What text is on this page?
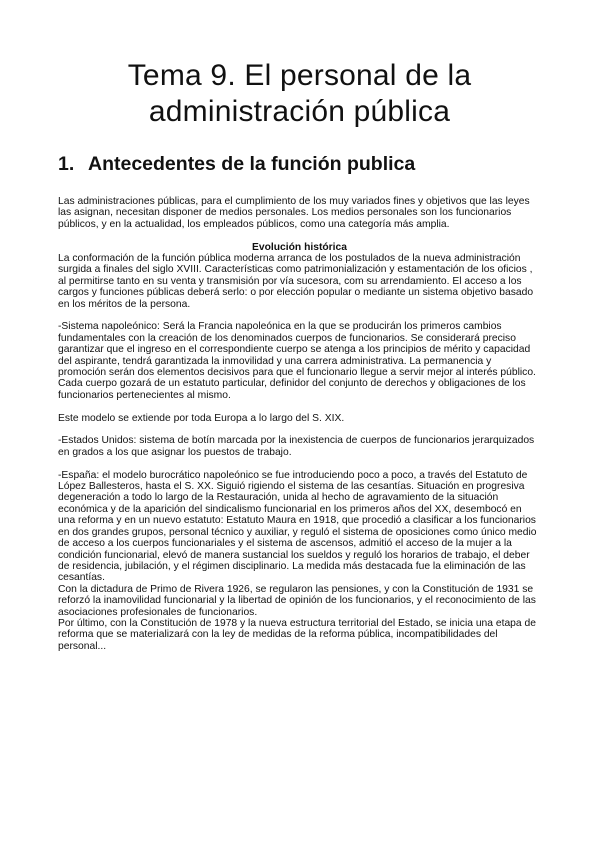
Tema 9. El personal de la
administración pública
1. Antecedentes de la función publica

Las administraciones públicas, para el cumplimiento de los muy variados fines y objetivos que las leyes las asignan, necesitan disponer de medios personales. Los medios personales son los funcionarios públicos, y en la actualidad, los empleados públicos, como una categoría más amplia.

Evolución histórica

La conformación de la función pública moderna arranca de los postulados de la nueva administración surgida a finales del siglo XVIII. Características como patrimonialización y estamentación de los oficios , al permitirse tanto en su venta y transmisión por vía sucesora, com su arrendamiento. El acceso a los cargos y funciones públicas deberá serlo: o por elección popular o mediante un sistema objetivo basado en los méritos de la persona.

-Sistema napoleónico: Será la Francia napoleónica en la que se producirán los primeros cambios fundamentales con la creación de los denominados cuerpos de funcionarios. Se considerará preciso garantizar que el ingreso en el correspondiente cuerpo se atenga a los principios de mérito y capacidad del aspirante, tendrá garantizada la inmovilidad y una carrera administrativa. La permanencia y promoción serán dos elementos decisivos para que el funcionario llegue a servir mejor al interés público. Cada cuerpo gozará de un estatuto particular, definidor del conjunto de derechos y obligaciones de los funcionarios pertenecientes al mismo.

Este modelo se extiende por toda Europa a lo largo del S. XIX.

-Estados Unidos: sistema de botín marcada por la inexistencia de cuerpos de funcionarios jerarquizados en grados a los que asignar los puestos de trabajo.

-España: el modelo burocrático napoleónico se fue introduciendo poco a poco, a través del Estatuto de López Ballesteros, hasta el S. XX. Siguió rigiendo el sistema de las cesantías. Situación en progresiva degeneración a todo lo largo de la Restauración, unida al hecho de agravamiento de la situación económica y de la aparición del sindicalismo funcionarial en los primeros años del XX, desembocó en una reforma y en un nuevo estatuto: Estatuto Maura en 1918, que procedió a clasificar a los funcionarios en dos grandes grupos, personal técnico y auxiliar, y reguló el sistema de oposiciones como único medio de acceso a los cuerpos funcionariales y el sistema de ascensos, admitió el acceso de la mujer a la condición funcionarial, elevó de manera sustancial los sueldos y reguló los horarios de trabajo, el deber de residencia, jubilación, y el régimen disciplinario. La medida más destacada fue la eliminación de las cesantías.

Con la dictadura de Primo de Rivera 1926, se regularon las pensiones, y con la Constitución de 1931 se reforzó la inamovilidad funcionarial y la libertad de opinión de los funcionarios, y el reconocimiento de las asociaciones profesionales de funcionarios.

Por último, con la Constitución de 1978 y la nueva estructura territorial del Estado, se inicia una etapa de reforma que se materializará con la ley de medidas de la reforma pública, incompatibilidades del personal...
